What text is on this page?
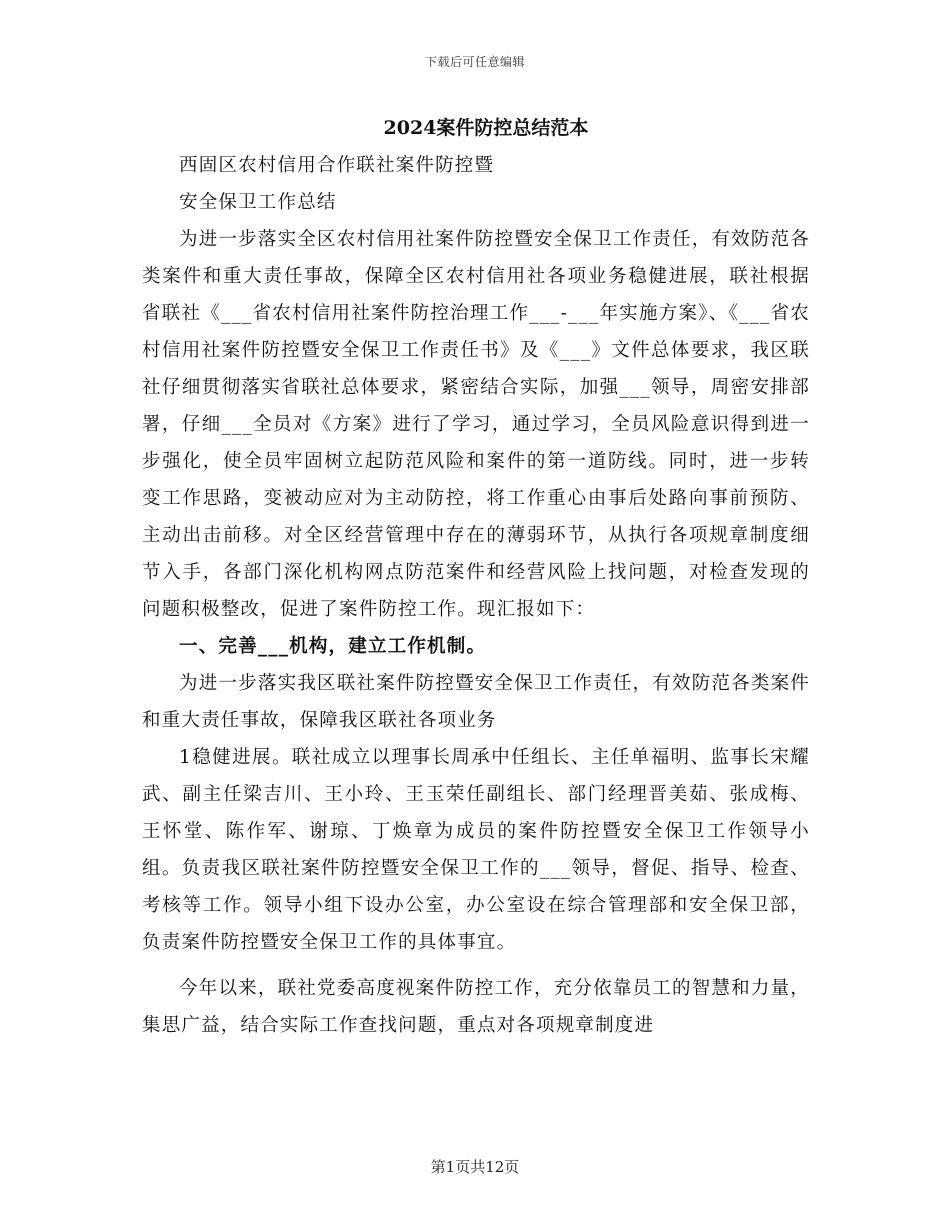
下载后可任意编辑
2024案件防控总结范本
西固区农村信用合作联社案件防控暨
安全保卫工作总结
为进一步落实全区农村信用社案件防控暨安全保卫工作责任，有效防范各类案件和重大责任事故，保障全区农村信用社各项业务稳健进展，联社根据省联社《___省农村信用社案件防控治理工作___-___年实施方案》、《___省农村信用社案件防控暨安全保卫工作责任书》及《___》文件总体要求，我区联社仔细贯彻落实省联社总体要求，紧密结合实际，加强___领导，周密安排部署，仔细___全员对《方案》进行了学习，通过学习，全员风险意识得到进一步强化，使全员牢固树立起防范风险和案件的第一道防线。同时，进一步转变工作思路，变被动应对为主动防控，将工作重心由事后处路向事前预防、主动出击前移。对全区经营管理中存在的薄弱环节，从执行各项规章制度细节入手，各部门深化机构网点防范案件和经营风险上找问题，对检查发现的问题积极整改，促进了案件防控工作。现汇报如下：
一、完善___机构，建立工作机制。
为进一步落实我区联社案件防控暨安全保卫工作责任，有效防范各类案件和重大责任事故，保障我区联社各项业务
1稳健进展。联社成立以理事长周承中任组长、主任单福明、监事长宋耀武、副主任梁吉川、王小玲、王玉荣任副组长、部门经理晋美茹、张成梅、王怀堂、陈作军、谢琼、丁焕章为成员的案件防控暨安全保卫工作领导小组。负责我区联社案件防控暨安全保卫工作的___领导，督促、指导、检查、考核等工作。领导小组下设办公室，办公室设在综合管理部和安全保卫部，负责案件防控暨安全保卫工作的具体事宜。
今年以来，联社党委高度视案件防控工作，充分依靠员工的智慧和力量，集思广益，结合实际工作查找问题，重点对各项规章制度进
第1页共12页
